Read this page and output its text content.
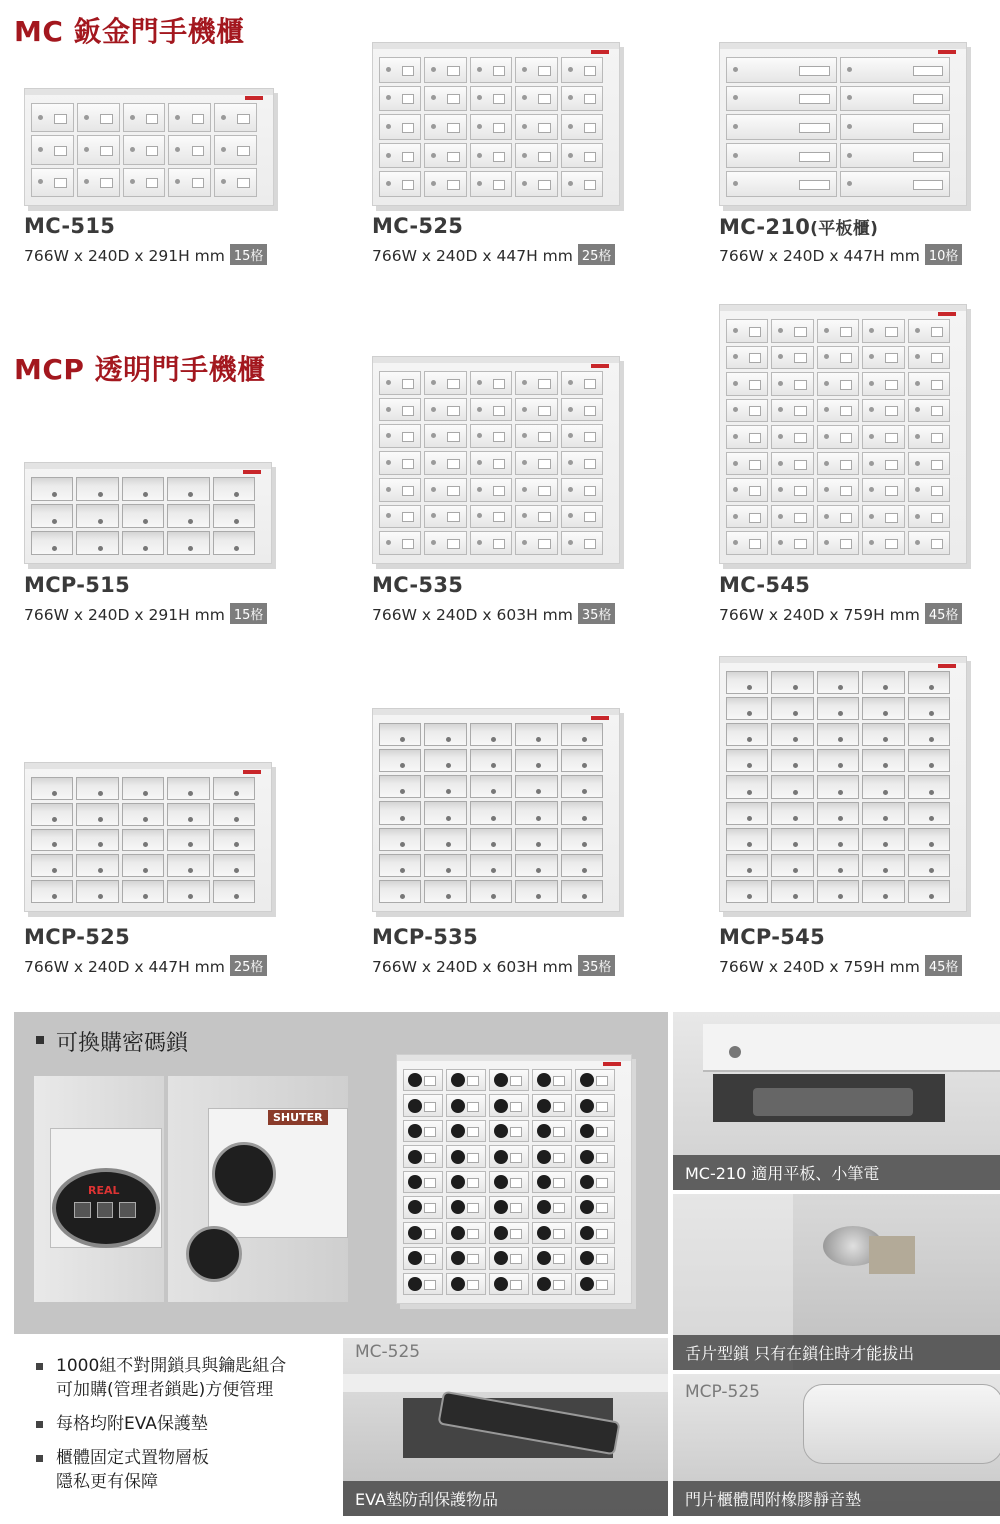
MC 鈑金門手機櫃
MCP 透明門手機櫃
MC-515
766W x 240D x 291H mm 15格
MC-525
766W x 240D x 447H mm 25格
MC-210(平板櫃)
766W x 240D x 447H mm 10格
MCP-515
766W x 240D x 291H mm 15格
MC-535
766W x 240D x 603H mm 35格
MC-545
766W x 240D x 759H mm 45格
MCP-525
766W x 240D x 447H mm 25格
MCP-535
766W x 240D x 603H mm 35格
MCP-545
766W x 240D x 759H mm 45格
可換購密碼鎖
REAL
SHUTER
MC-210 適用平板、小筆電
舌片型鎖 只有在鎖住時才能拔出
1000組不對開鎖具與鑰匙組合
可加購(管理者鎖匙)方便管理
每格均附EVA保護墊
櫃體固定式置物層板
隱私更有保障
MC-525
EVA墊防刮保護物品
MCP-525
門片櫃體間附橡膠靜音墊
